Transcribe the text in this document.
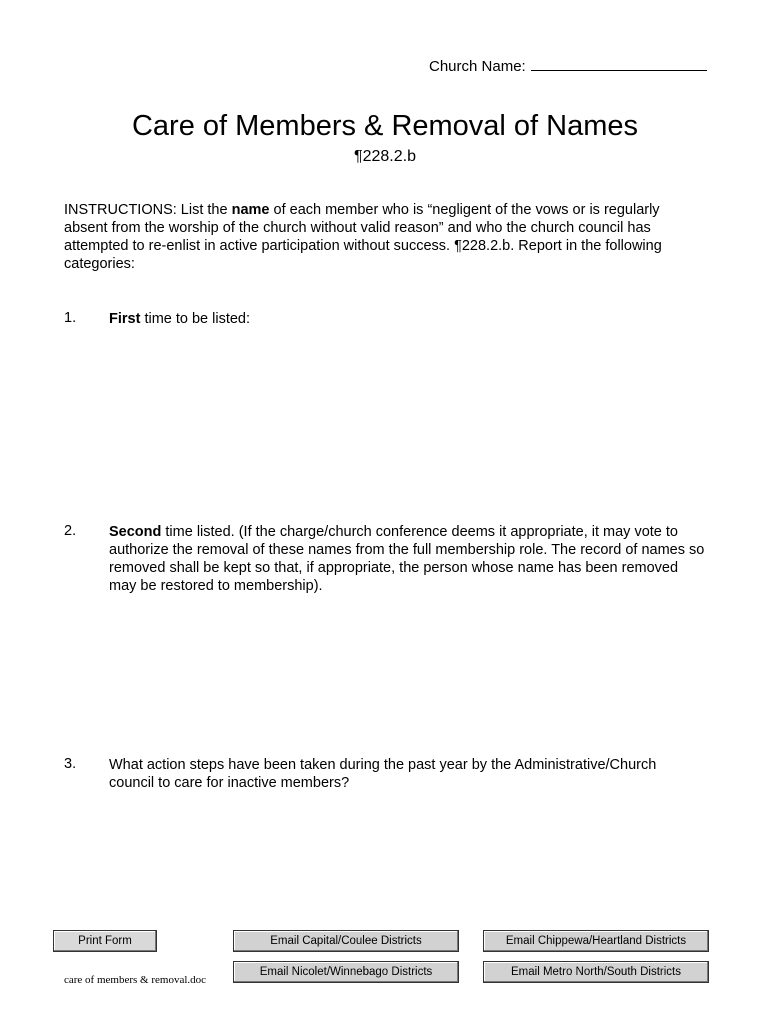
Church Name:
Care of Members & Removal of Names
¶228.2.b
INSTRUCTIONS: List the name of each member who is “negligent of the vows or is regularly absent from the worship of the church without valid reason” and who the church council has attempted to re-enlist in active participation without success. ¶228.2.b. Report in the following categories:
1. First time to be listed:
2. Second time listed. (If the charge/church conference deems it appropriate, it may vote to authorize the removal of these names from the full membership role. The record of names so removed shall be kept so that, if appropriate, the person whose name has been removed may be restored to membership).
3. What action steps have been taken during the past year by the Administrative/Church council to care for inactive members?
Print Form	Email Capital/Coulee Districts	Email Chippewa/Heartland Districts
Email Nicolet/Winnebago Districts	Email Metro North/South Districts
care of members & removal.doc
